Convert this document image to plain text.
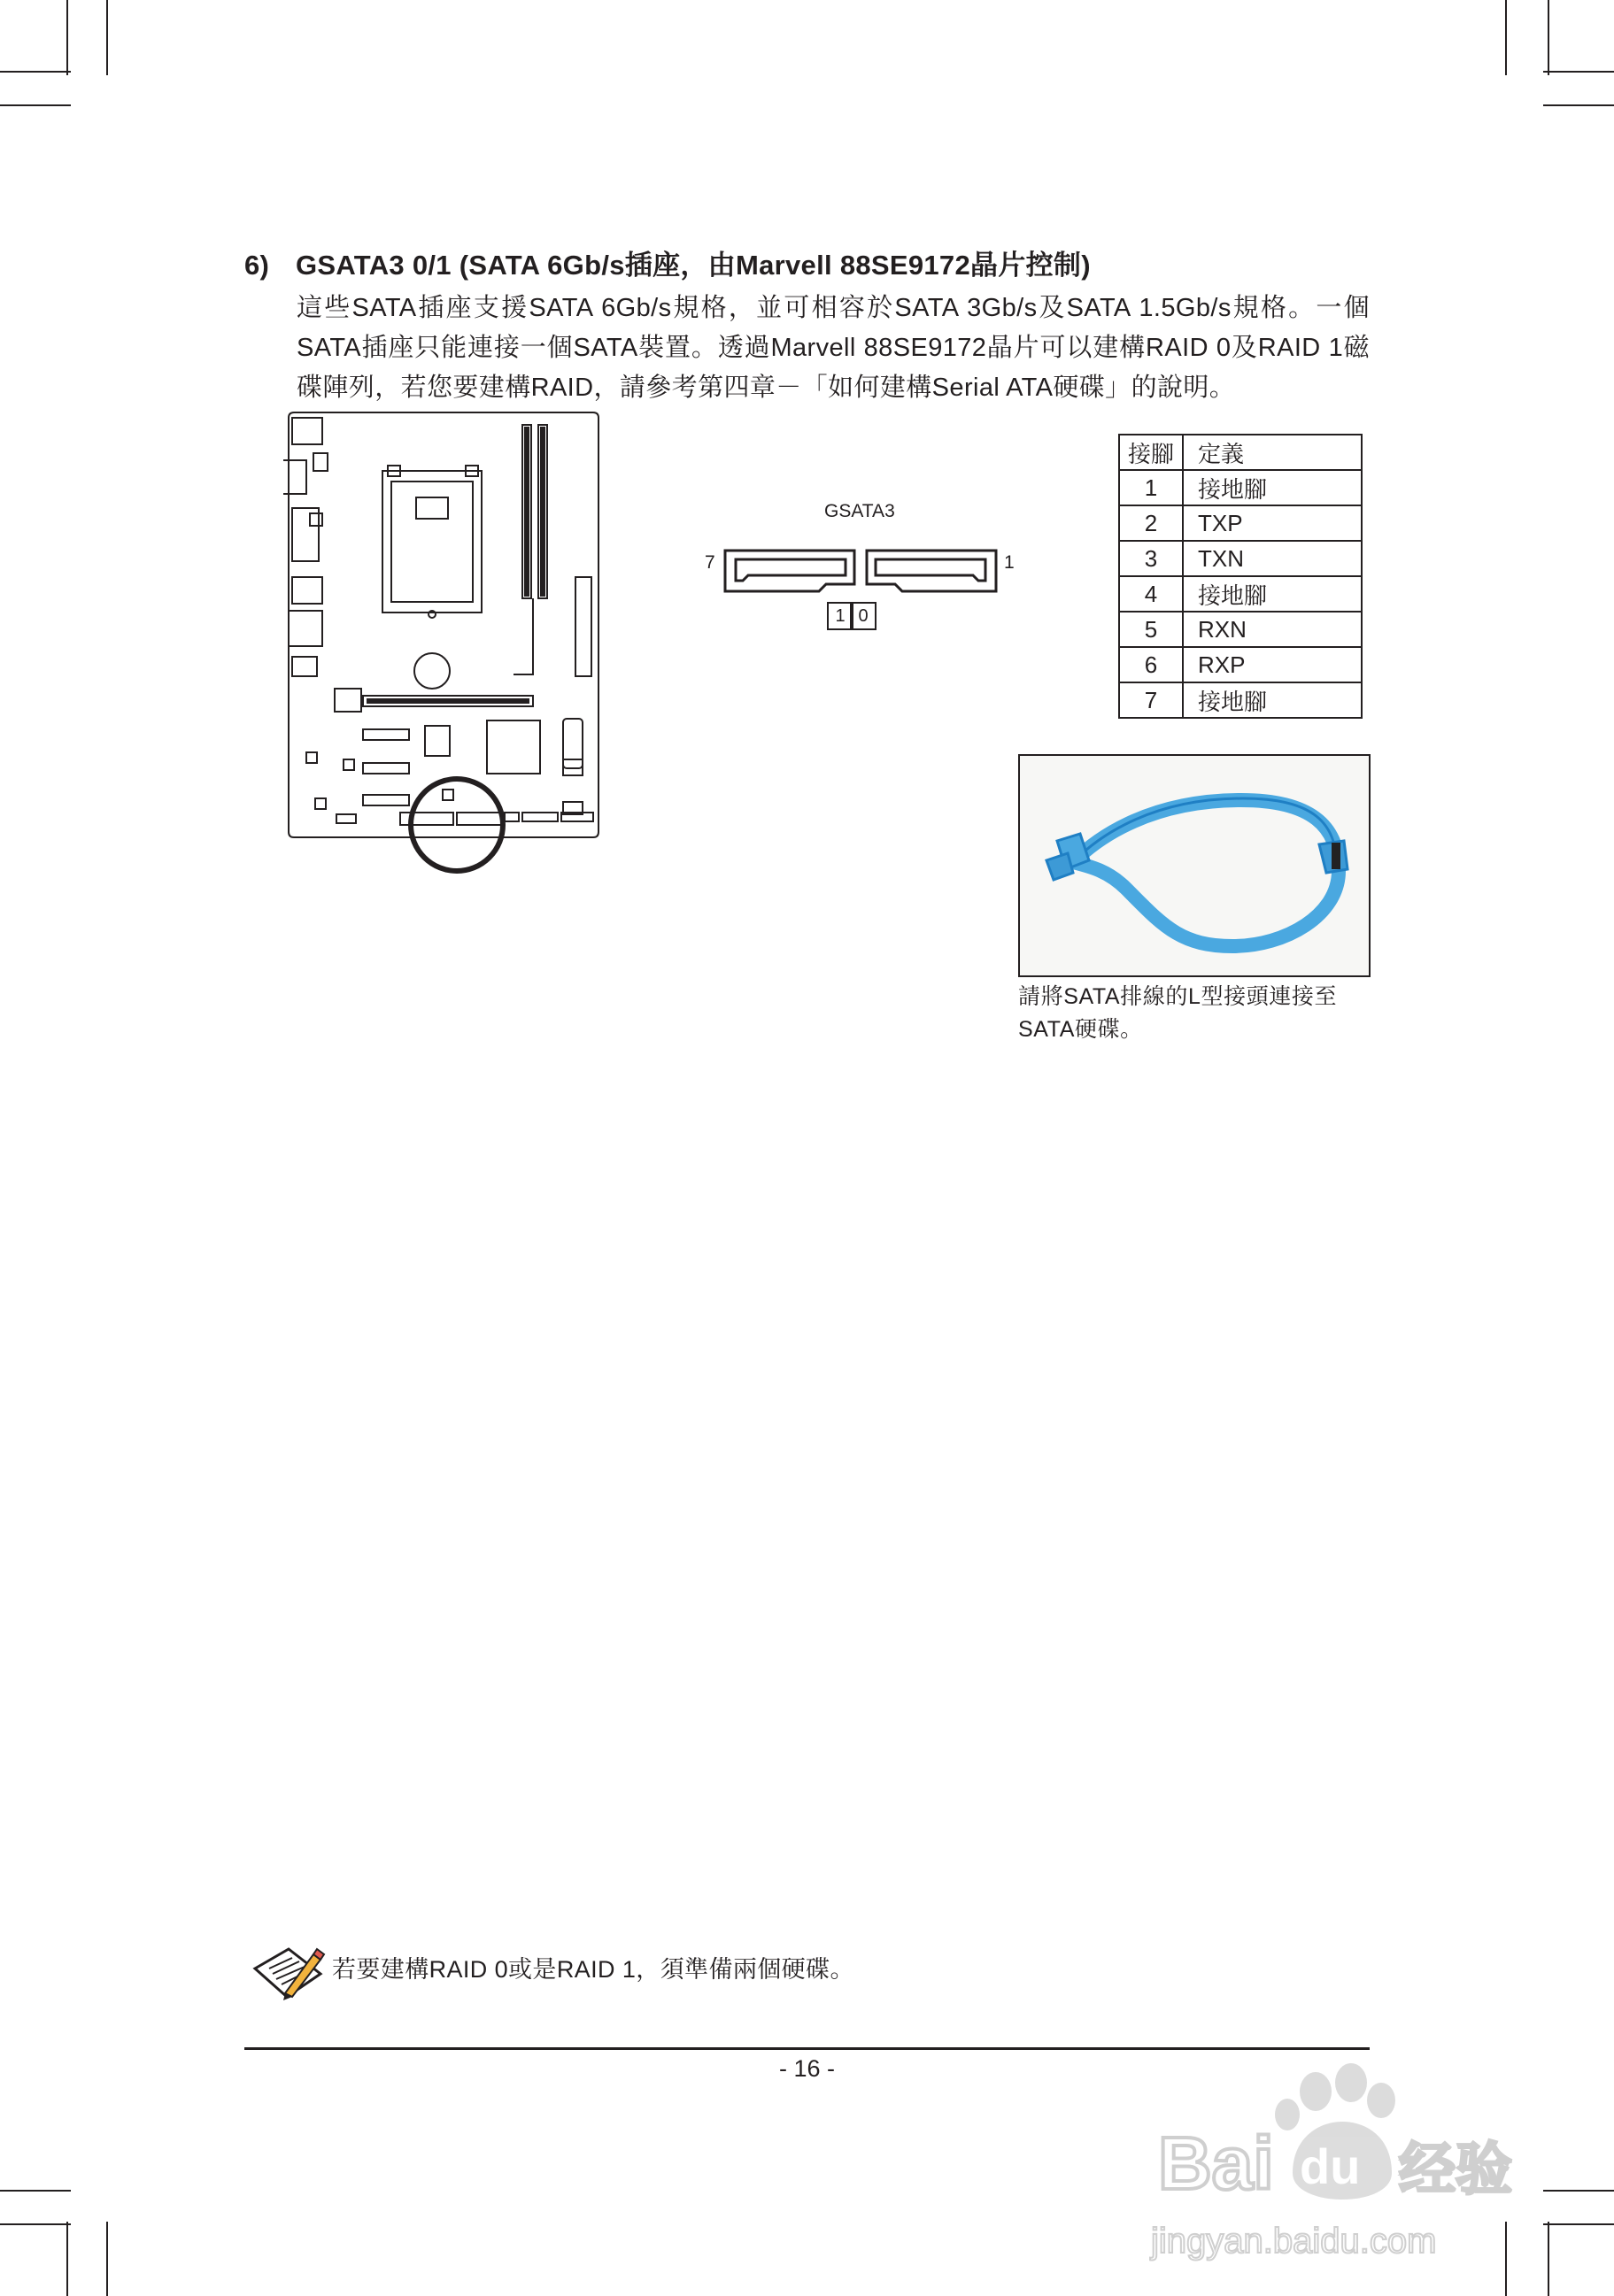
6) GSATA3 0/1 (SATA 6Gb/s插座，由Marvell 88SE9172晶片控制)
這些SATA插座支援SATA 6Gb/s規格，並可相容於SATA 3Gb/s及SATA 1.5Gb/s規格。一個SATA插座只能連接一個SATA裝置。透過Marvell 88SE9172晶片可以建構RAID 0及RAID 1磁碟陣列，若您要建構RAID，請參考第四章－「如何建構Serial ATA硬碟」的說明。
GSATA3
7	1
1 0
接腳	定義
1	接地腳
2	TXP
3	TXN
4	接地腳
5	RXN
6	RXP
7	接地腳
請將SATA排線的L型接頭連接至SATA硬碟。
若要建構RAID 0或是RAID 1，須準備兩個硬碟。
- 16 -
Bai du 经验
jingyan.baidu.com
